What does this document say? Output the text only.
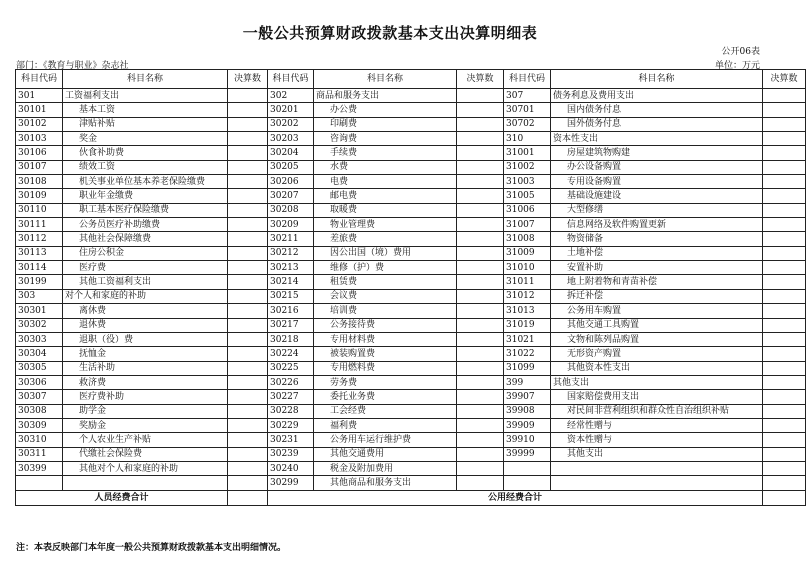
一般公共预算财政拨款基本支出决算明细表
公开06表
部门：《教育与职业》杂志社	单位：万元
科目代码	科目名称	决算数	科目代码	科目名称	决算数	科目代码	科目名称	决算数
301	工资福利支出		302	商品和服务支出		307	债务利息及费用支出	
30101	基本工资		30201	办公费		30701	国内债务付息	
30102	津贴补贴		30202	印刷费		30702	国外债务付息	
30103	奖金		30203	咨询费		310	资本性支出	
30106	伙食补助费		30204	手续费		31001	房屋建筑物购建	
30107	绩效工资		30205	水费		31002	办公设备购置	
30108	机关事业单位基本养老保险缴费		30206	电费		31003	专用设备购置	
30109	职业年金缴费		30207	邮电费		31005	基础设施建设	
30110	职工基本医疗保险缴费		30208	取暖费		31006	大型修缮	
30111	公务员医疗补助缴费		30209	物业管理费		31007	信息网络及软件购置更新	
30112	其他社会保障缴费		30211	差旅费		31008	物资储备	
30113	住房公积金		30212	因公出国（境）费用		31009	土地补偿	
30114	医疗费		30213	维修（护）费		31010	安置补助	
30199	其他工资福利支出		30214	租赁费		31011	地上附着物和青苗补偿	
303	对个人和家庭的补助		30215	会议费		31012	拆迁补偿	
30301	离休费		30216	培训费		31013	公务用车购置	
30302	退休费		30217	公务接待费		31019	其他交通工具购置	
30303	退职（役）费		30218	专用材料费		31021	文物和陈列品购置	
30304	抚恤金		30224	被装购置费		31022	无形资产购置	
30305	生活补助		30225	专用燃料费		31099	其他资本性支出	
30306	救济费		30226	劳务费		399	其他支出	
30307	医疗费补助		30227	委托业务费		39907	国家赔偿费用支出	
30308	助学金		30228	工会经费		39908	对民间非营利组织和群众性自治组织补贴	
30309	奖励金		30229	福利费		39909	经常性赠与	
30310	个人农业生产补贴		30231	公务用车运行维护费		39910	资本性赠与	
30311	代缴社会保险费		30239	其他交通费用		39999	其他支出	
30399	其他对个人和家庭的补助		30240	税金及附加费用				
			30299	其他商品和服务支出				
人员经费合计			公用经费合计					
注：本表反映部门本年度一般公共预算财政拨款基本支出明细情况。
